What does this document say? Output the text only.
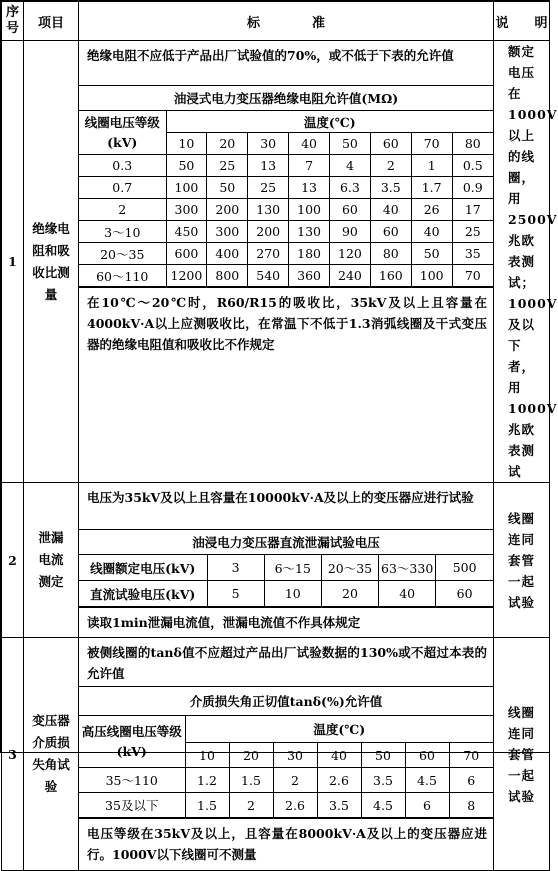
序号	项目	标　　　　准	说　　明
1	绝缘电阻和吸收比测量	
绝缘电阻不应低于产品出厂试验值的70%，或不低于下表的允许值
油浸式电力变压器绝缘电阻允许值(MΩ)
线圈电压等级(kV)	温度(℃)
10	20	30	40	50	60	70	80
0.3	50	25	13	7	4	2	1	0.5
0.7	100	50	25	13	6.3	3.5	1.7	0.9
2	300	200	130	100	60	40	26	17
3～10	450	300	200	130	90	60	40	25
20～35	600	400	270	180	120	80	50	35
60～110	1200	800	540	360	240	160	100	70
在10℃～20℃时，R60/R15的吸收比，35kV及以上且容量在4000kV·A以上应测吸收比，在常温下不低于1.3消弧线圈及干式变压器的绝缘电阻值和吸收比不作规定
	额定电压在1000V以上的线圈，用2500V兆欧表测试；1000V及以下者，用1000V兆欧表测试
2	泄漏电流测定	
电压为35kV及以上且容量在10000kV·A及以上的变压器应进行试验
油浸电力变压器直流泄漏试验电压
线圈额定电压(kV)	3	6～15	20～35	63～330	500
直流试验电压(kV)	5	10	20	40	60
读取1min泄漏电流值，泄漏电流值不作具体规定
	线圈连同套管一起试验
3	变压器介质损失角试验	
被侧线圈的tanδ值不应超过产品出厂试验数据的130%或不超过本表的允许值
介质损失角正切值tanδ(%)允许值
高压线圈电压等级(kV)	温度(℃)
10	20	30	40	50	60	70
35～110	1.2	1.5	2	2.6	3.5	4.5	6
35及以下	1.5	2	2.6	3.5	4.5	6	8
电压等级在35kV及以上，且容量在8000kV·A及以上的变压器应进行。1000V以下线圈可不测量
	线圈连同套管一起试验
